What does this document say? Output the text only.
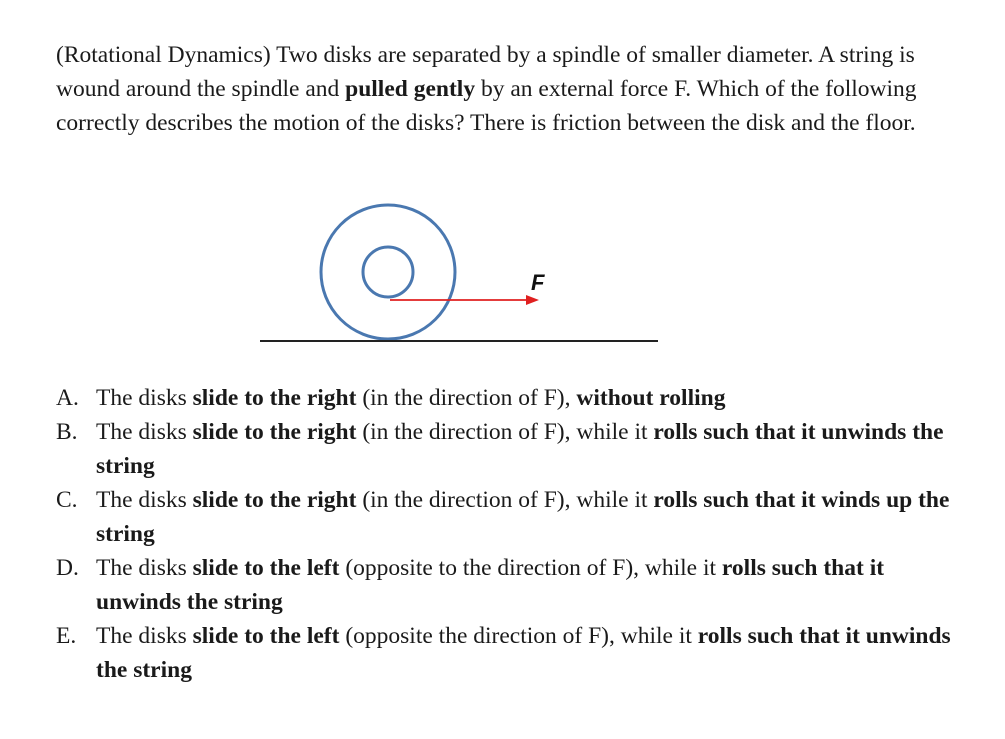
(Rotational Dynamics) Two disks are separated by a spindle of smaller diameter. A string is wound around the spindle and pulled gently by an external force F. Which of the following correctly describes the motion of the disks? There is friction between the disk and the floor.
F
A. The disks slide to the right (in the direction of F), without rolling
B. The disks slide to the right (in the direction of F), while it rolls such that it unwinds the string
C. The disks slide to the right (in the direction of F), while it rolls such that it winds up the string
D. The disks slide to the left (opposite to the direction of F), while it rolls such that it unwinds the string
E. The disks slide to the left (opposite the direction of F), while it rolls such that it unwinds the string
